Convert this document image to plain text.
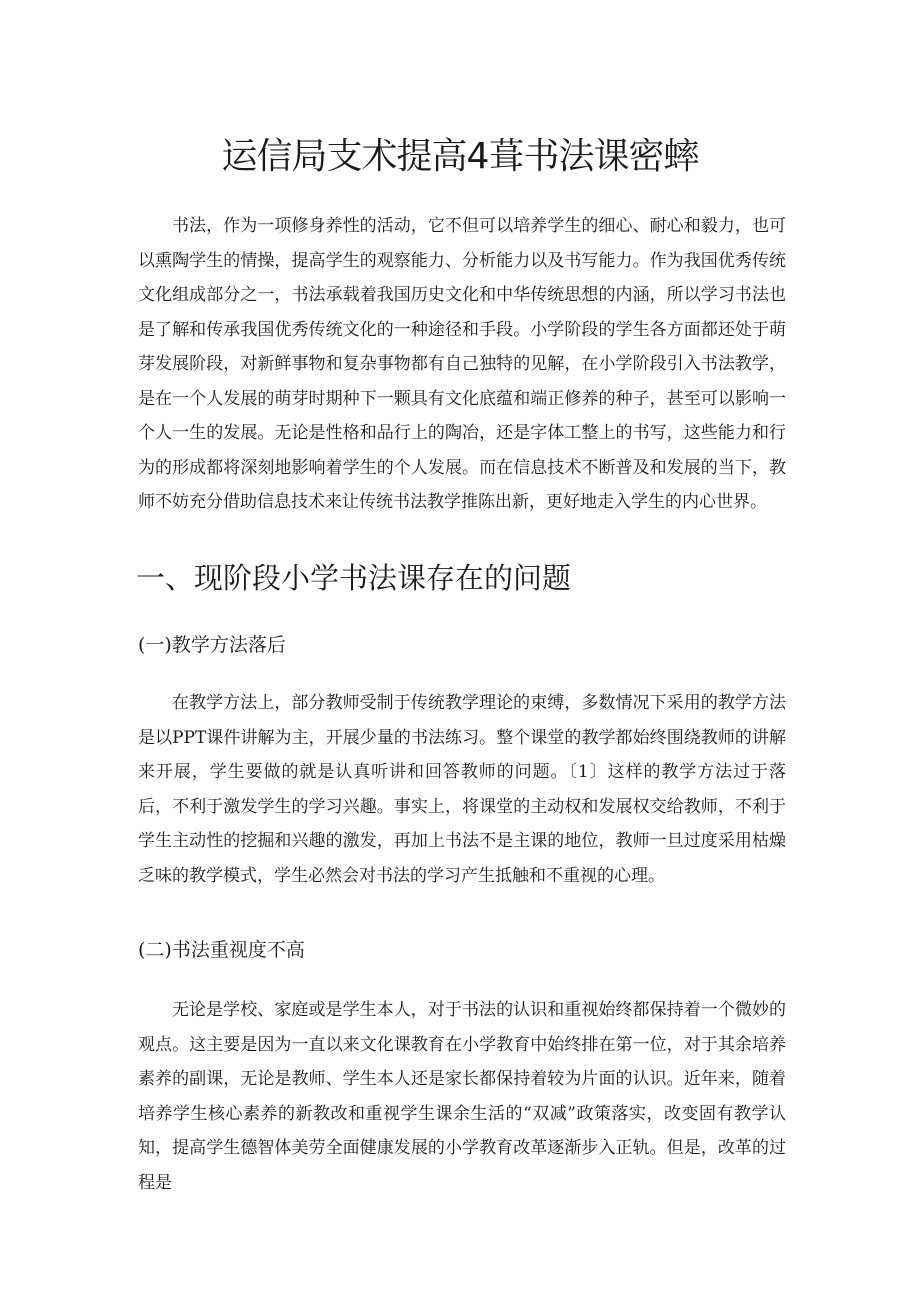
运信局支术提高4葺书法课密蟀

书法，作为一项修身养性的活动，它不但可以培养学生的细心、耐心和毅力，也可以熏陶学生的情操，提高学生的观察能力、分析能力以及书写能力。作为我国优秀传统文化组成部分之一，书法承载着我国历史文化和中华传统思想的内涵，所以学习书法也是了解和传承我国优秀传统文化的一种途径和手段。小学阶段的学生各方面都还处于萌芽发展阶段，对新鲜事物和复杂事物都有自己独特的见解，在小学阶段引入书法教学，是在一个人发展的萌芽时期种下一颗具有文化底蕴和端正修养的种子，甚至可以影响一个人一生的发展。无论是性格和品行上的陶冶，还是字体工整上的书写，这些能力和行为的形成都将深刻地影响着学生的个人发展。而在信息技术不断普及和发展的当下，教师不妨充分借助信息技术来让传统书法教学推陈出新，更好地走入学生的内心世界。

一、现阶段小学书法课存在的问题
(一)教学方法落后

在教学方法上，部分教师受制于传统教学理论的束缚，多数情况下采用的教学方法是以PPT课件讲解为主，开展少量的书法练习。整个课堂的教学都始终围绕教师的讲解来开展，学生要做的就是认真听讲和回答教师的问题。〔1〕这样的教学方法过于落后，不利于激发学生的学习兴趣。事实上，将课堂的主动权和发展权交给教师，不利于学生主动性的挖掘和兴趣的激发，再加上书法不是主课的地位，教师一旦过度采用枯燥乏味的教学模式，学生必然会对书法的学习产生抵触和不重视的心理。

(二)书法重视度不高

无论是学校、家庭或是学生本人，对于书法的认识和重视始终都保持着一个微妙的观点。这主要是因为一直以来文化课教育在小学教育中始终排在第一位，对于其余培养素养的副课，无论是教师、学生本人还是家长都保持着较为片面的认识。近年来，随着培养学生核心素养的新教改和重视学生课余生活的“双减”政策落实，改变固有教学认知，提高学生德智体美劳全面健康发展的小学教育改革逐渐步入正轨。但是，改革的过程是
